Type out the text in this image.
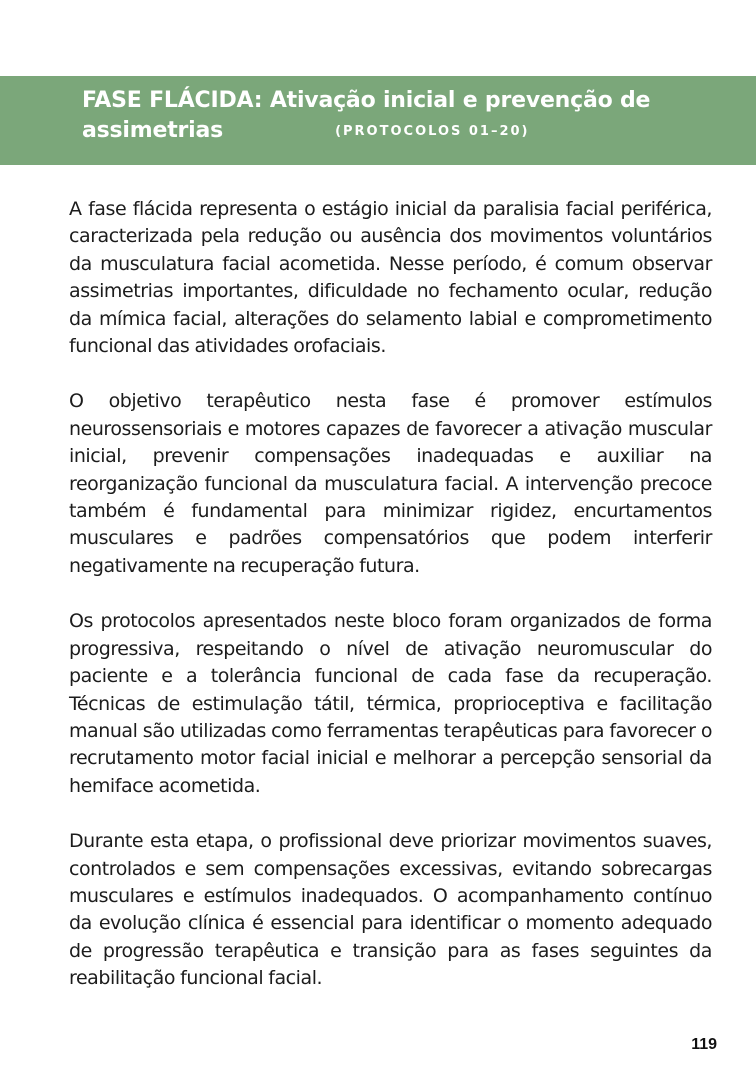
FASE FLÁCIDA: Ativação inicial e prevenção de
assimetrias	(PROTOCOLOS 01–20)

A fase flácida representa o estágio inicial da paralisia facial periférica, caracterizada pela redução ou ausência dos movimentos voluntários da musculatura facial acometida. Nesse período, é comum observar assimetrias importantes, dificuldade no fechamento ocular, redução da mímica facial, alterações do selamento labial e comprometimento funcional das atividades orofaciais.

O objetivo terapêutico nesta fase é promover estímulos neurossensoriais e motores capazes de favorecer a ativação muscular inicial, prevenir compensações inadequadas e auxiliar na reorganização funcional da musculatura facial. A intervenção precoce também é fundamental para minimizar rigidez, encurtamentos musculares e padrões compensatórios que podem interferir negativamente na recuperação futura.

Os protocolos apresentados neste bloco foram organizados de forma progressiva, respeitando o nível de ativação neuromuscular do paciente e a tolerância funcional de cada fase da recuperação. Técnicas de estimulação tátil, térmica, proprioceptiva e facilitação manual são utilizadas como ferramentas terapêuticas para favorecer o recrutamento motor facial inicial e melhorar a percepção sensorial da hemiface acometida.

Durante esta etapa, o profissional deve priorizar movimentos suaves, controlados e sem compensações excessivas, evitando sobrecargas musculares e estímulos inadequados. O acompanhamento contínuo da evolução clínica é essencial para identificar o momento adequado de progressão terapêutica e transição para as fases seguintes da reabilitação funcional facial.

119
